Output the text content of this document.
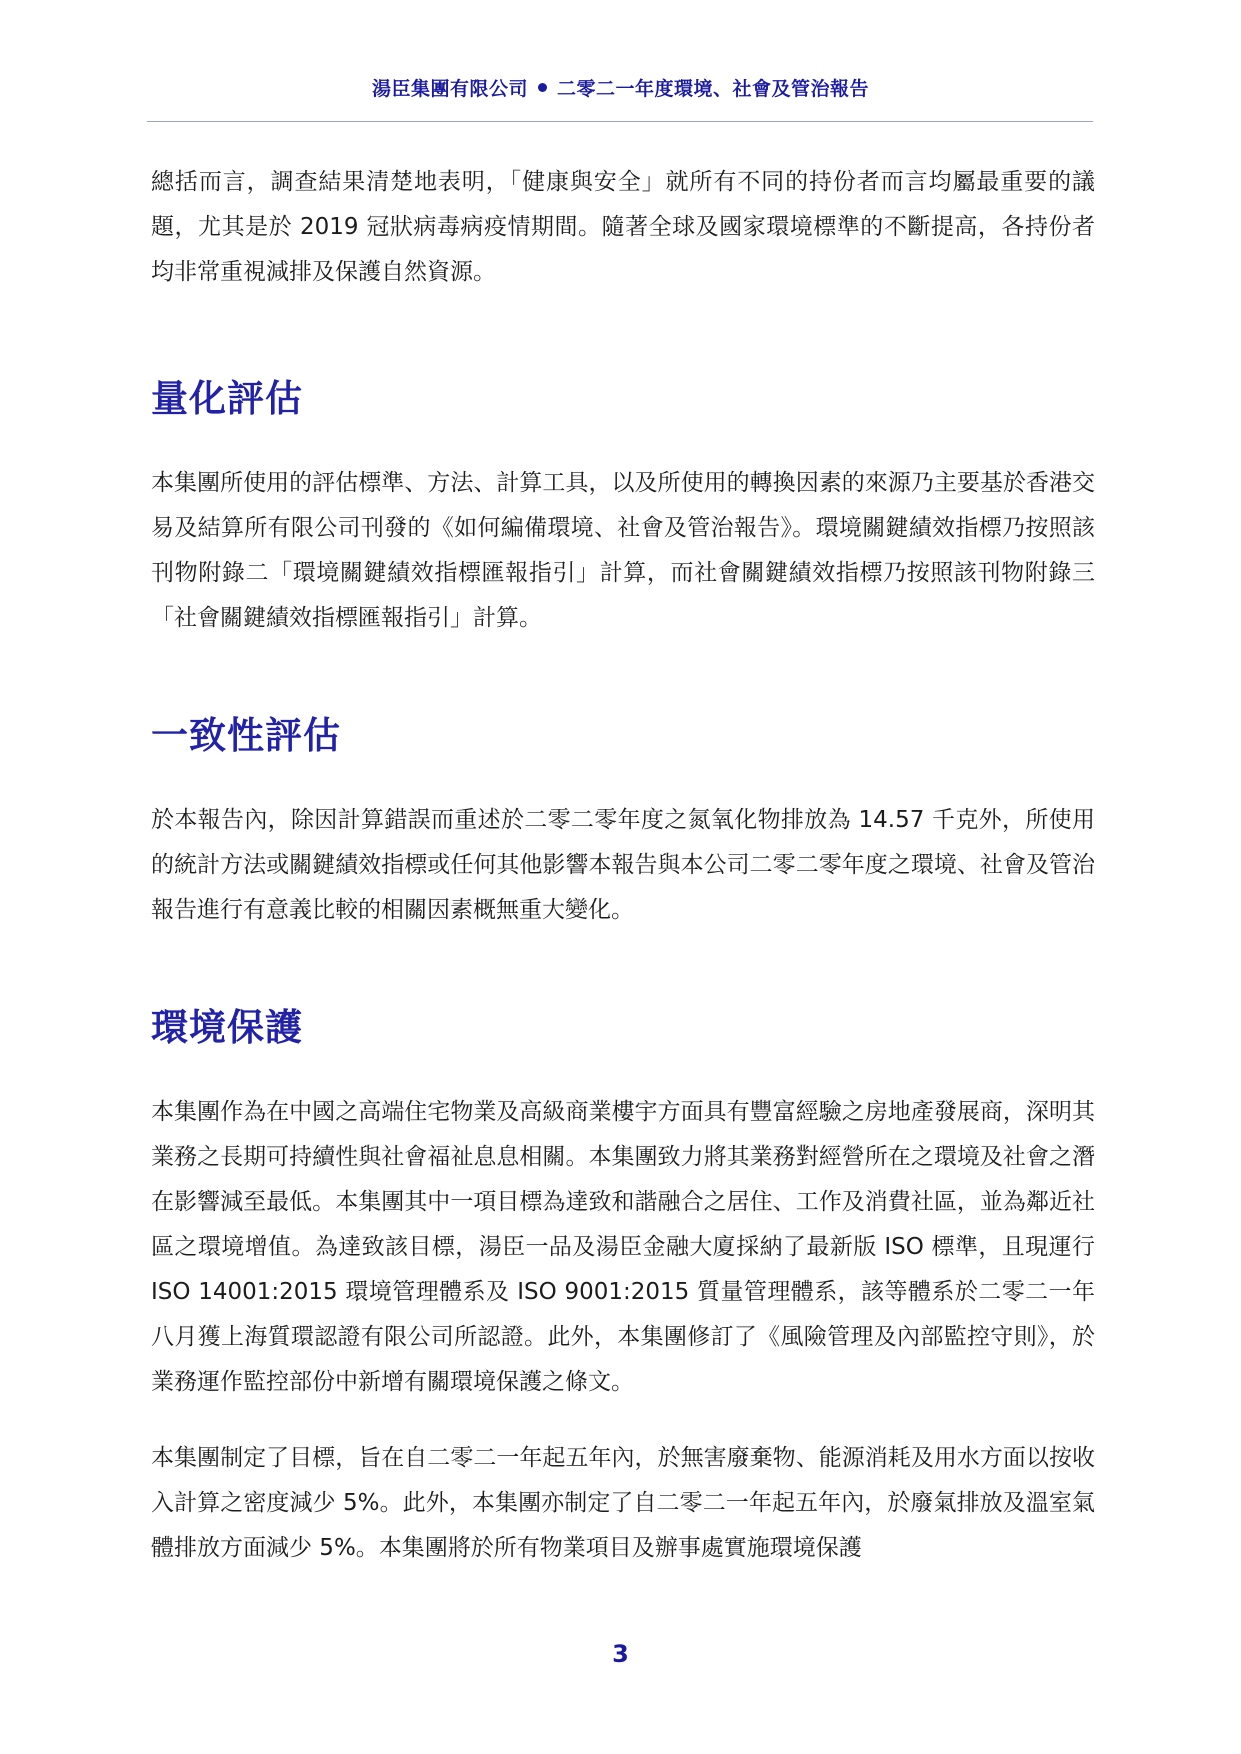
湯臣集團有限公司 二零二一年度環境、社會及管治報告

總括而言，調查結果清楚地表明，「健康與安全」就所有不同的持份者而言均屬最重要的議題，尤其是於 2019 冠狀病毒病疫情期間。隨著全球及國家環境標準的不斷提高，各持份者均非常重視減排及保護自然資源。

量化評估

本集團所使用的評估標準、方法、計算工具，以及所使用的轉換因素的來源乃主要基於香港交易及結算所有限公司刊發的《如何編備環境、社會及管治報告》。環境關鍵績效指標乃按照該刊物附錄二「環境關鍵績效指標匯報指引」計算，而社會關鍵績效指標乃按照該刊物附錄三「社會關鍵績效指標匯報指引」計算。

一致性評估

於本報告內，除因計算錯誤而重述於二零二零年度之氮氧化物排放為 14.57 千克外，所使用的統計方法或關鍵績效指標或任何其他影響本報告與本公司二零二零年度之環境、社會及管治報告進行有意義比較的相關因素概無重大變化。

環境保護

本集團作為在中國之高端住宅物業及高級商業樓宇方面具有豐富經驗之房地產發展商，深明其業務之長期可持續性與社會福祉息息相關。本集團致力將其業務對經營所在之環境及社會之潛在影響減至最低。本集團其中一項目標為達致和諧融合之居住、工作及消費社區，並為鄰近社區之環境增值。為達致該目標，湯臣一品及湯臣金融大廈採納了最新版 ISO 標準，且現運行 ISO 14001:2015 環境管理體系及 ISO 9001:2015 質量管理體系，該等體系於二零二一年八月獲上海質環認證有限公司所認證。此外，本集團修訂了《風險管理及內部監控守則》，於業務運作監控部份中新增有關環境保護之條文。

本集團制定了目標，旨在自二零二一年起五年內，於無害廢棄物、能源消耗及用水方面以按收入計算之密度減少 5%。此外，本集團亦制定了自二零二一年起五年內，於廢氣排放及溫室氣體排放方面減少 5%。本集團將於所有物業項目及辦事處實施環境保護

3
